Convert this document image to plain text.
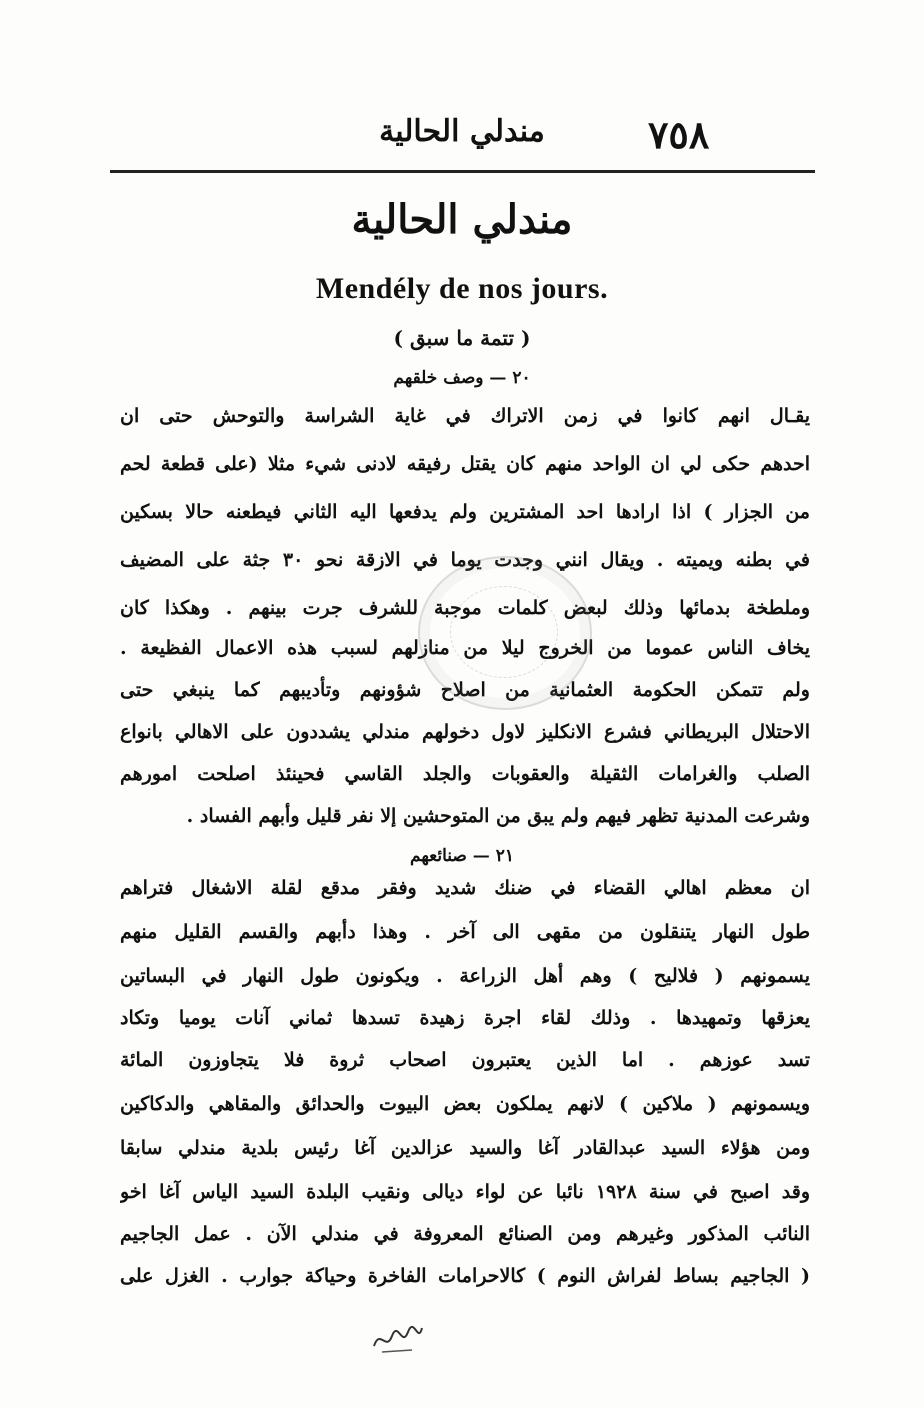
٧٥٨
مندلي الحالية
مندلي الحالية
Mendély de nos jours.
( تتمة ما سبق )
٢٠ — وصف خلقهم
يقـال انهم كانوا في زمن الاتراك في غاية الشراسة والتوحش حتى ان
احدهم حكى لي ان الواحد منهم كان يقتل رفيقه لادنى شيء مثلا (على قطعة لحم
من الجزار ) اذا ارادها احد المشترين ولم يدفعها اليه الثاني فيطعنه حالا بسكين
في بطنه ويميته . ويقال انني وجدت يوما في الازقة نحو ٣٠ جثة على المضيف
وملطخة بدمائها وذلك لبعض كلمات موجبة للشرف جرت بينهم . وهكذا كان
يخاف الناس عموما من الخروج ليلا من منازلهم لسبب هذه الاعمال الفظيعة .
ولم تتمكن الحكومة العثمانية من اصلاح شؤونهم وتأديبهم كما ينبغي حتى
الاحتلال البريطاني فشرع الانكليز لاول دخولهم مندلي يشددون على الاهالي بانواع
الصلب والغرامات الثقيلة والعقوبات والجلد القاسي فحينئذ اصلحت امورهم
وشرعت المدنية تظهر فيهم ولم يبق من المتوحشين إلا نفر قليل وأبهم الفساد .
٢١ — صنائعهم
ان معظم اهالي القضاء في ضنك شديد وفقر مدقع لقلة الاشغال فتراهم
طول النهار يتنقلون من مقهى الى آخر . وهذا دأبهم والقسم القليل منهم
يسمونهم ( فلاليح ) وهم أهل الزراعة . ويكونون طول النهار في البساتين
يعزقها وتمهيدها . وذلك لقاء اجرة زهيدة تسدها ثماني آنات يوميا وتكاد
تسد عوزهم . اما الذين يعتبرون اصحاب ثروة فلا يتجاوزون المائة
ويسمونهم ( ملاكين ) لانهم يملكون بعض البيوت والحدائق والمقاهي والدكاكين
ومن هؤلاء السيد عبدالقادر آغا والسيد عزالدين آغا رئيس بلدية مندلي سابقا
وقد اصبح في سنة ١٩٢٨ نائبا عن لواء ديالى ونقيب البلدة السيد الياس آغا اخو
النائب المذكور وغيرهم ومن الصنائع المعروفة في مندلي الآن . عمل الجاجيم
( الجاجيم بساط لفراش النوم ) كالاحرامات الفاخرة وحياكة جوارب . الغزل على
